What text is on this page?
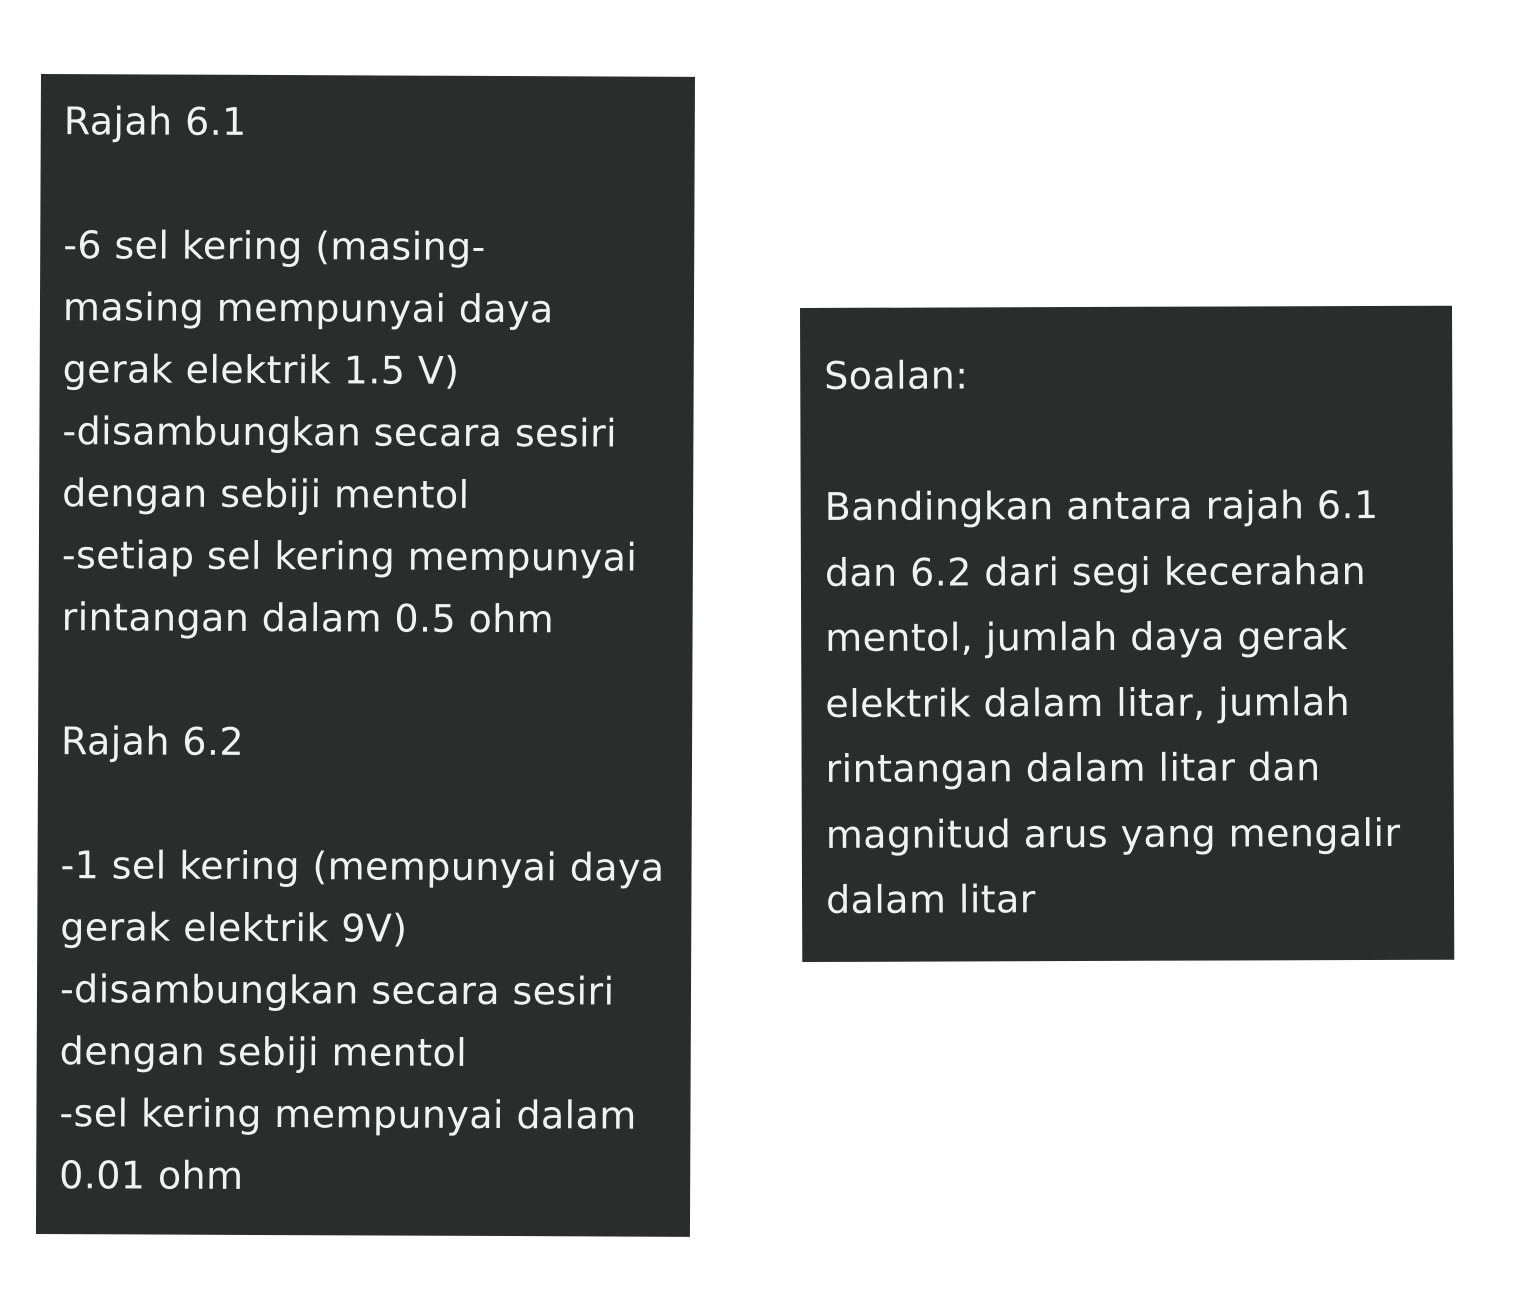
Rajah 6.1
-6 sel kering (masing-
masing mempunyai daya
gerak elektrik 1.5 V)
-disambungkan secara sesiri
dengan sebiji mentol
-setiap sel kering mempunyai
rintangan dalam 0.5 ohm
Rajah 6.2
-1 sel kering (mempunyai daya
gerak elektrik 9V)
-disambungkan secara sesiri
dengan sebiji mentol
-sel kering mempunyai dalam
0.01 ohm
Soalan:
Bandingkan antara rajah 6.1
dan 6.2 dari segi kecerahan
mentol, jumlah daya gerak
elektrik dalam litar, jumlah
rintangan dalam litar dan
magnitud arus yang mengalir
dalam litar
